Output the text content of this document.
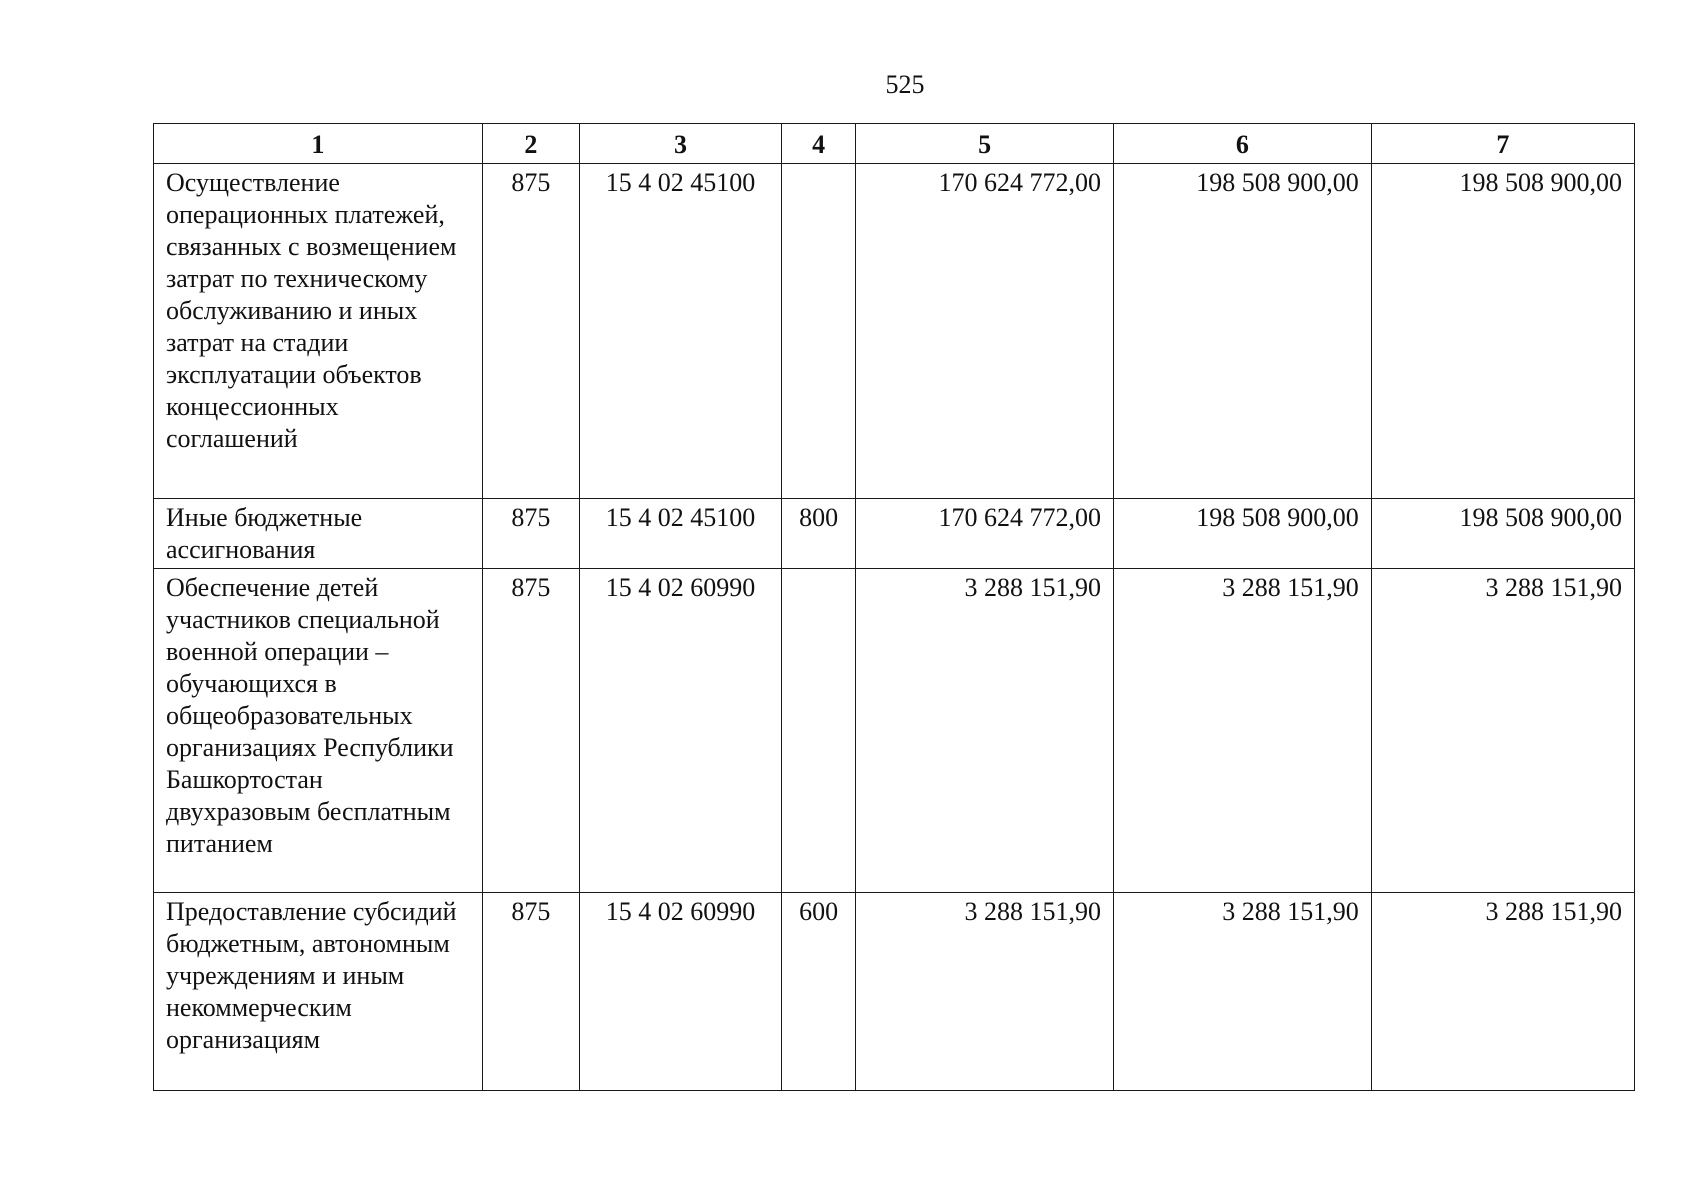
525
1	2	3	4	5	6	7
Осуществление операционных платежей, связанных с возмещением затрат по техническому обслуживанию и иных затрат на стадии эксплуатации объектов концессионных соглашений	875	15 4 02 45100		170 624 772,00	198 508 900,00	198 508 900,00
Иные бюджетные ассигнования	875	15 4 02 45100	800	170 624 772,00	198 508 900,00	198 508 900,00
Обеспечение детей участников специальной военной операции – обучающихся в общеобразовательных организациях Республики Башкортостан двухразовым бесплатным питанием	875	15 4 02 60990		3 288 151,90	3 288 151,90	3 288 151,90
Предоставление субсидий бюджетным, автономным учреждениям и иным некоммерческим организациям	875	15 4 02 60990	600	3 288 151,90	3 288 151,90	3 288 151,90
